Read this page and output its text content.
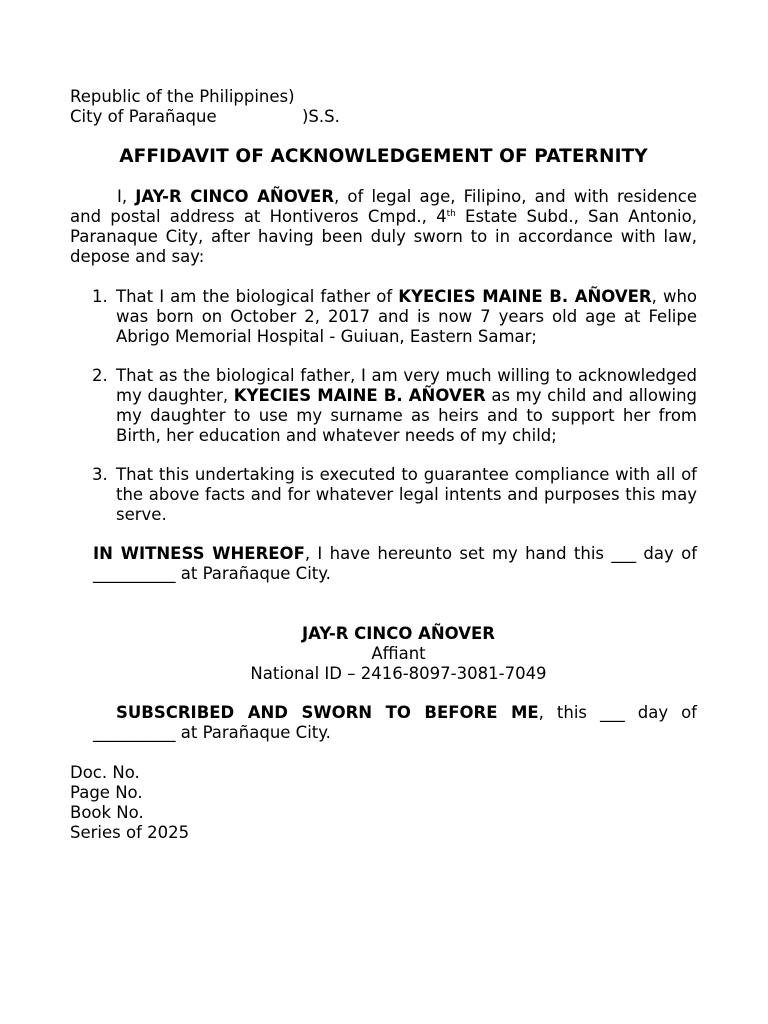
Republic of the Philippines)
City of Parañaque	)S.S.
AFFIDAVIT OF ACKNOWLEDGEMENT OF PATERNITY
I, JAY-R CINCO AÑOVER, of legal age, Filipino, and with residence and postal address at Hontiveros Cmpd., 4th Estate Subd., San Antonio, Paranaque City, after having been duly sworn to in accordance with law, depose and say:
1. That I am the biological father of KYECIES MAINE B. AÑOVER, who was born on October 2, 2017 and is now 7 years old age at Felipe Abrigo Memorial Hospital - Guiuan, Eastern Samar;
2. That as the biological father, I am very much willing to acknowledged my daughter, KYECIES MAINE B. AÑOVER as my child and allowing my daughter to use my surname as heirs and to support her from Birth, her education and whatever needs of my child;
3. That this undertaking is executed to guarantee compliance with all of the above facts and for whatever legal intents and purposes this may serve.
IN WITNESS WHEREOF, I have hereunto set my hand this ___ day of __________ at Parañaque City.
JAY-R CINCO AÑOVER
Affiant
National ID – 2416-8097-3081-7049
SUBSCRIBED AND SWORN TO BEFORE ME, this ___ day of __________ at Parañaque City.
Doc. No.
Page No.
Book No.
Series of 2025
